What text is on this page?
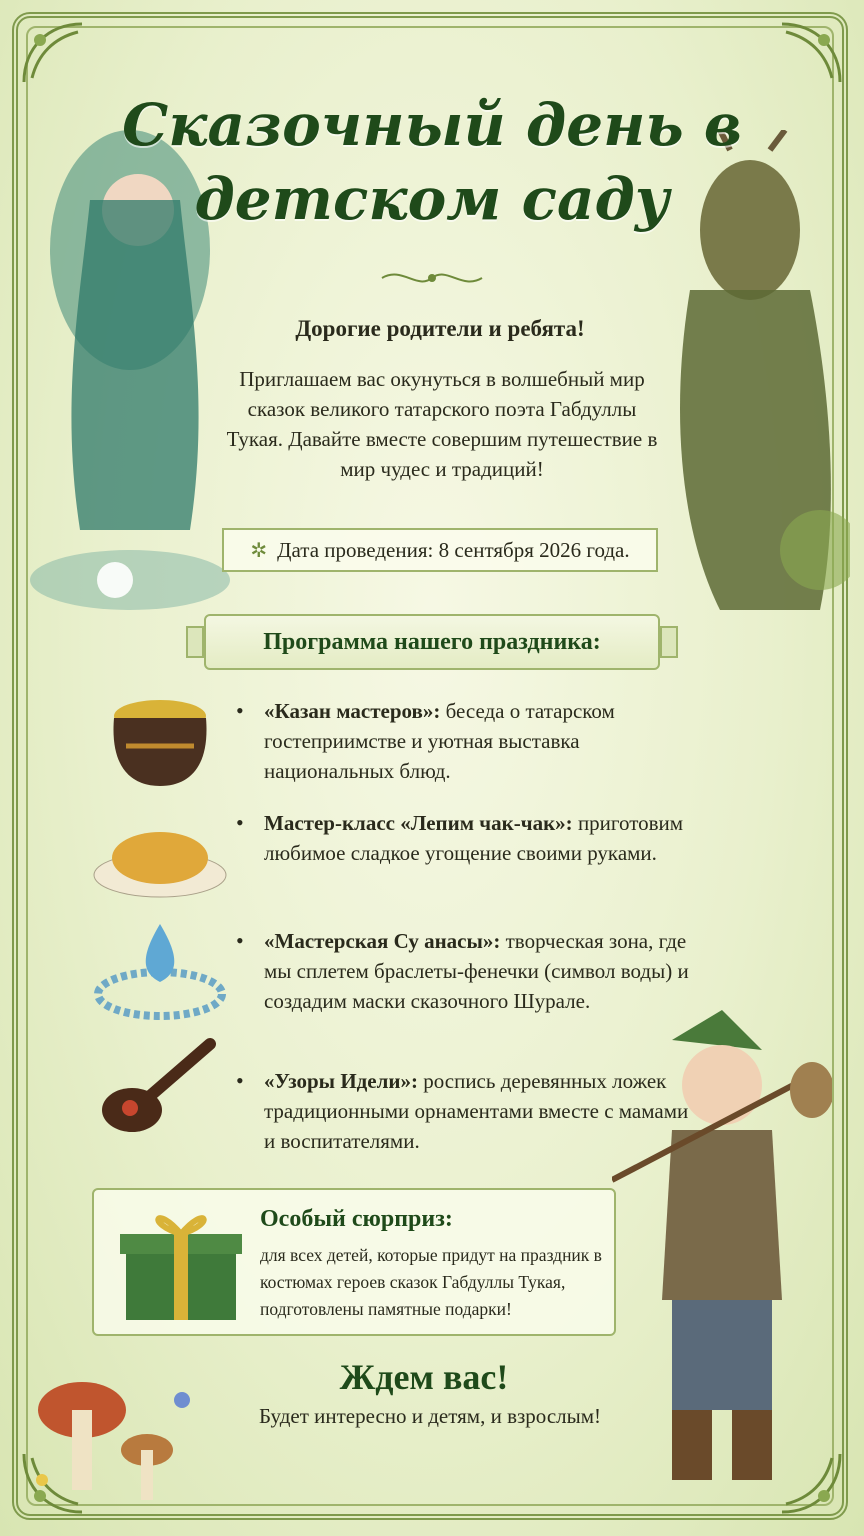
Сказочный день в детском саду
Дорогие родители и ребята!
Приглашаем вас окунуться в волшебный мир сказок великого татарского поэта Габдуллы Тукая. Давайте вместе совершим путешествие в мир чудес и традиций!
✲ Дата проведения: 8 сентября 2026 года.
Программа нашего праздника:
• «Казан мастеров»: беседа о татарском гостеприимстве и уютная выставка национальных блюд.
• Мастер-класс «Лепим чак-чак»: приготовим любимое сладкое угощение своими руками.
• «Мастерская Су анасы»: творческая зона, где мы сплетем браслеты-фенечки (символ воды) и создадим маски сказочного Шурале.
• «Узоры Идели»: роспись деревянных ложек традиционными орнаментами вместе с мамами и воспитателями.
Особый сюрприз:
для всех детей, которые придут на праздник в костюмах героев сказок Габдуллы Тукая, подготовлены памятные подарки!
Ждем вас!
Будет интересно и детям, и взрослым!
